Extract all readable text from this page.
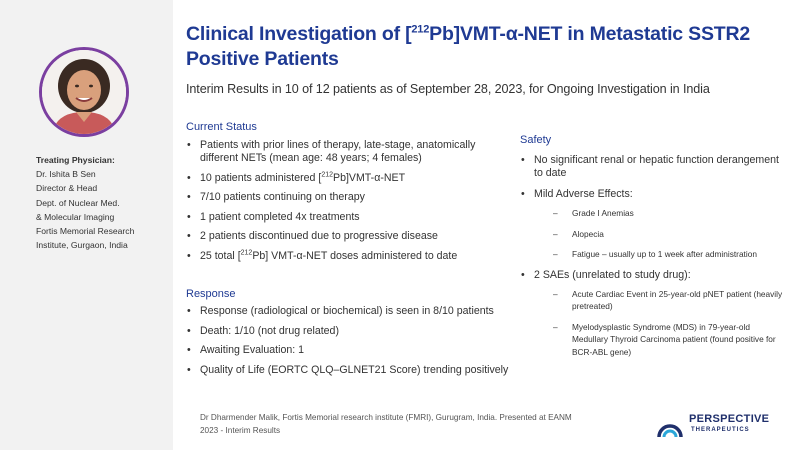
Treating Physician:
Dr. Ishita B Sen
Director & Head
Dept. of Nuclear Med.
& Molecular Imaging
Fortis Memorial Research
Institute, Gurgaon, India
Clinical Investigation of [$^{212}$Pb]VMT-α-NET in Metastatic SSTR2 Positive Patients
Interim Results in 10 of 12 patients as of September 28, 2023, for Ongoing Investigation in India
Current Status
• Patients with prior lines of therapy, late-stage, anatomically different NETs (mean age: 48 years; 4 females)
• 10 patients administered [$^{212}$Pb]VMT-α-NET
• 7/10 patients continuing on therapy
• 1 patient completed 4x treatments
• 2 patients discontinued due to progressive disease
• 25 total [$^{212}$Pb] VMT-α-NET doses administered to date
Response
• Response (radiological or biochemical) is seen in 8/10 patients
• Death: 1/10 (not drug related)
• Awaiting Evaluation: 1
• Quality of Life (EORTC QLQ–GLNET21 Score) trending positively
Safety
• No significant renal or hepatic function derangement to date
• Mild Adverse Effects:
– Grade I Anemias
– Alopecia
– Fatigue – usually up to 1 week after administration
• 2 SAEs (unrelated to study drug):
– Acute Cardiac Event in 25-year-old pNET patient (heavily pretreated)
– Myelodysplastic Syndrome (MDS) in 79-year-old Medullary Thyroid Carcinoma patient (found positive for BCR-ABL gene)
Dr Dharmender Malik, Fortis Memorial research institute (FMRI), Gurugram, India. Presented at EANM 2023 - Interim Results
PERSPECTIVE
THERAPEUTICS
